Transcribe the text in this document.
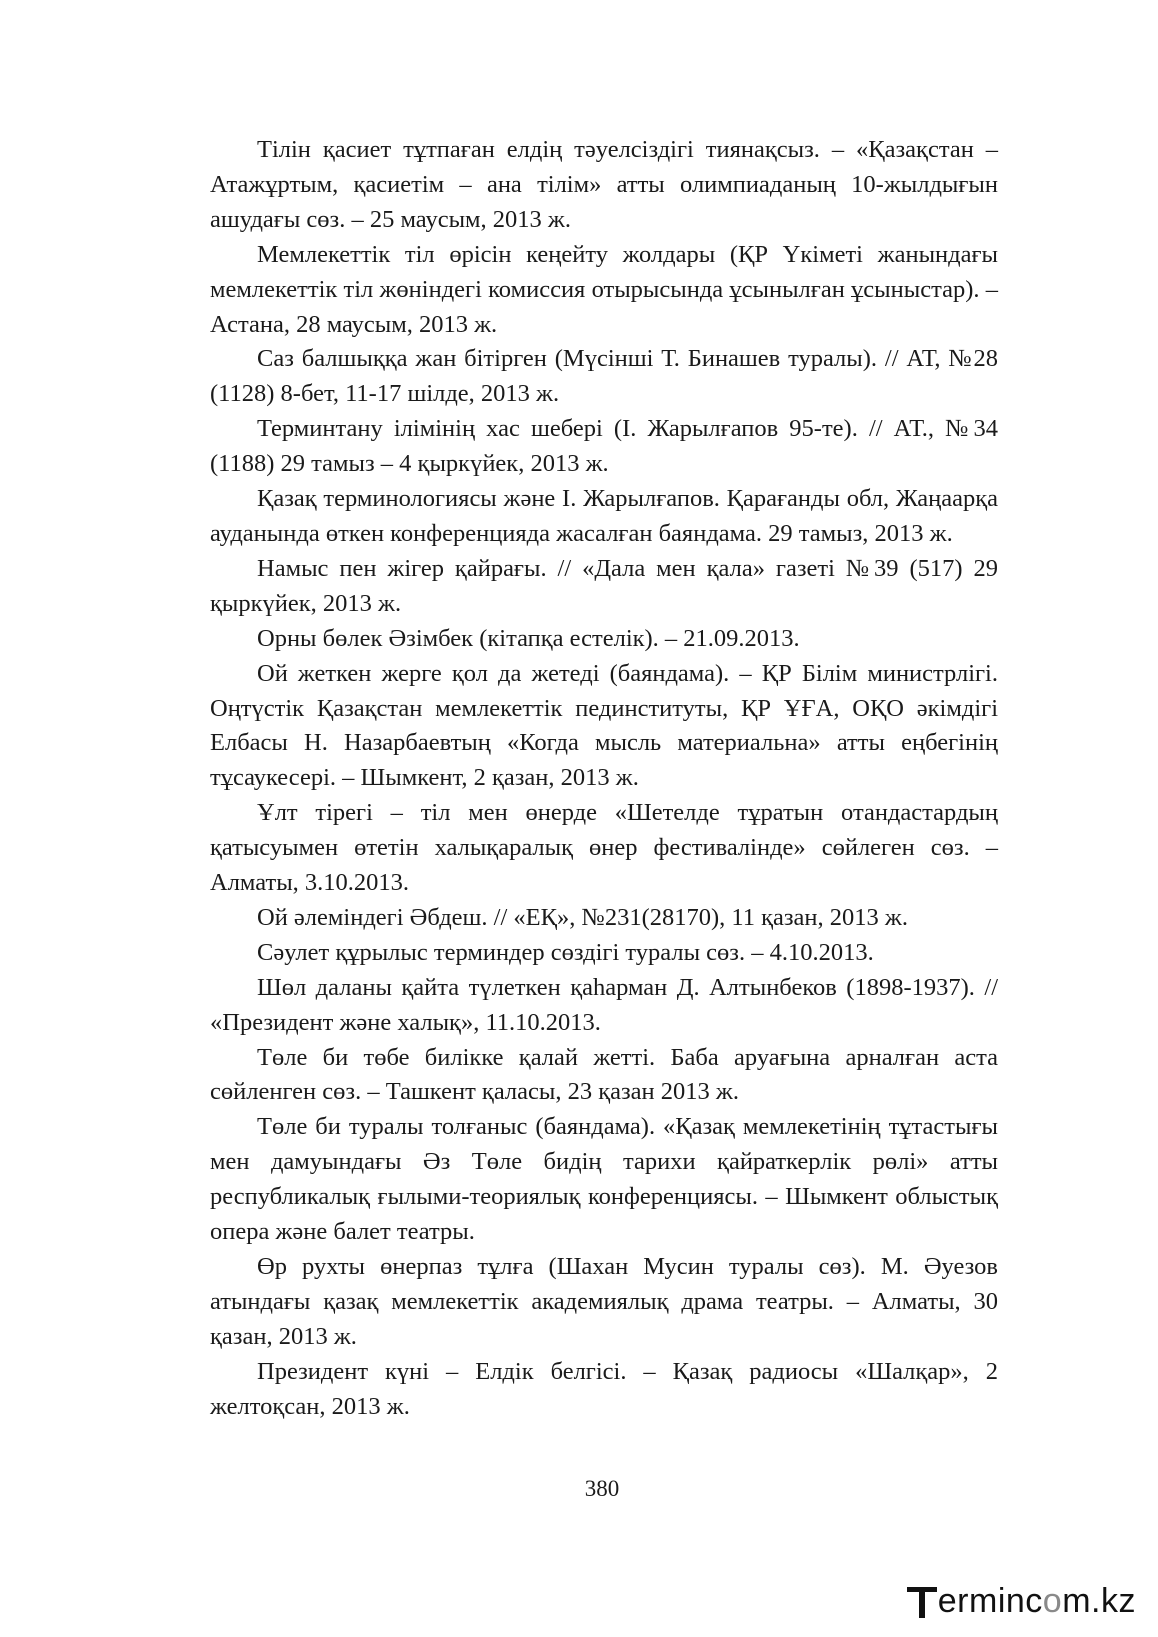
Тілін қасиет тұтпаған елдің тәуелсіздігі тиянақсыз. – «Қазақстан – Атажұртым, қасиетім – ана тілім» атты олимпиаданың 10-жылдығын ашудағы сөз. – 25 маусым, 2013 ж.

Мемлекеттік тіл өрісін кеңейту жолдары (ҚР Үкіметі жанындағы мемлекеттік тіл жөніндегі комиссия отырысында ұсынылған ұсыныстар). – Астана, 28 маусым, 2013 ж.

Саз балшыққа жан бітірген (Мүсінші Т. Бинашев туралы). // АТ, №28 (1128) 8-бет, 11-17 шілде, 2013 ж.

Терминтану ілімінің хас шебері (І. Жарылғапов 95-те). // АТ., №34 (1188) 29 тамыз – 4 қыркүйек, 2013 ж.

Қазақ терминологиясы және І. Жарылғапов. Қарағанды обл, Жаңаарқа ауданында өткен конференцияда жасалған баяндама. 29 тамыз, 2013 ж.

Намыс пен жігер қайрағы. // «Дала мен қала» газеті №39 (517) 29 қыркүйек, 2013 ж.

Орны бөлек Әзімбек (кітапқа естелік). – 21.09.2013.

Ой жеткен жерге қол да жетеді (баяндама). – ҚР Білім министрлігі. Оңтүстік Қазақстан мемлекеттік пединституты, ҚР ҰҒА, ОҚО әкімдігі Елбасы Н. Назарбаевтың «Когда мысль материальна» атты еңбегінің тұсаукесері. – Шымкент, 2 қазан, 2013 ж.

Ұлт тірегі – тіл мен өнерде «Шетелде тұратын отандастардың қатысуымен өтетін халықаралық өнер фестивалінде» сөйлеген сөз. – Алматы, 3.10.2013.

Ой әлеміндегі Әбдеш. // «ЕҚ», №231(28170), 11 қазан, 2013 ж.

Сәулет құрылыс терминдер сөздігі туралы сөз. – 4.10.2013.

Шөл даланы қайта түлеткен қаһарман Д. Алтынбеков (1898-1937). // «Президент және халық», 11.10.2013.

Төле би төбе билікке қалай жетті. Баба аруағына арналған аста сөйленген сөз. – Ташкент қаласы, 23 қазан 2013 ж.

Төле би туралы толғаныс (баяндама). «Қазақ мемлекетінің тұтастығы мен дамуындағы Әз Төле бидің тарихи қайраткерлік рөлі» атты республикалық ғылыми-теориялық конференциясы. – Шымкент облыстық опера және балет театры.

Өр рухты өнерпаз тұлға (Шахан Мусин туралы сөз). М. Әуезов атындағы қазақ мемлекеттік академиялық драма театры. – Алматы, 30 қазан, 2013 ж.

Президент күні – Елдік белгісі. – Қазақ радиосы «Шалқар», 2 желтоқсан, 2013 ж.

380
erminc o m.kz
